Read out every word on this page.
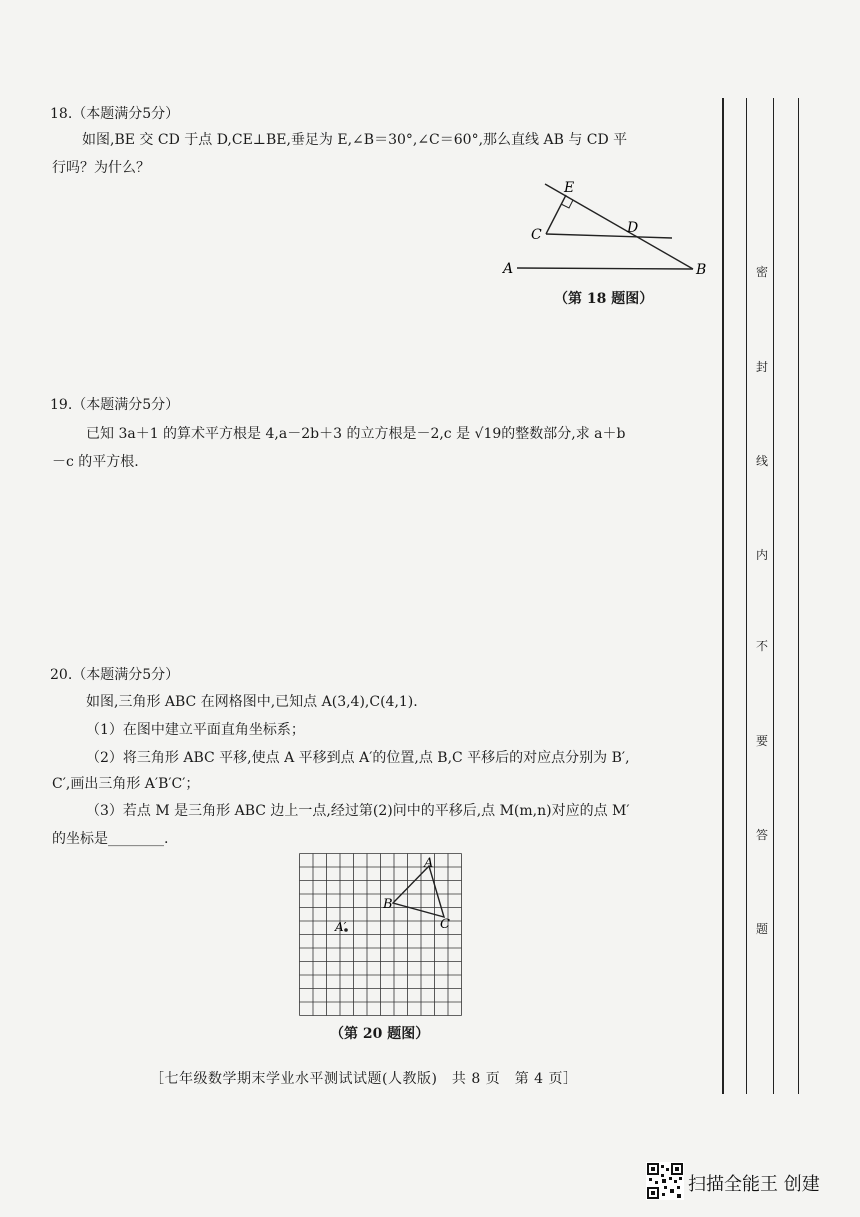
18.（本题满分5分）
如图,BE 交 CD 于点 D,CE⊥BE,垂足为 E,∠B＝30°,∠C＝60°,那么直线 AB 与 CD 平
行吗？为什么？
E
C	D
A	B
（第 18 题图）
19.（本题满分5分）
已知 3a＋1 的算术平方根是 4,a－2b＋3 的立方根是－2,c 是 √19的整数部分,求 a＋b
－c 的平方根.
20.（本题满分5分）
如图,三角形 ABC 在网格图中,已知点 A(3,4),C(4,1).
（1）在图中建立平面直角坐标系；
（2）将三角形 ABC 平移,使点 A 平移到点 A′的位置,点 B,C 平移后的对应点分别为 B′,
C′,画出三角形 A′B′C′；
（3）若点 M 是三角形 ABC 边上一点,经过第(2)问中的平移后,点 M(m,n)对应的点 M′
的坐标是________.
A
B
C
A′
（第 20 题图）
［七年级数学期末学业水平测试试题(人教版)　共 8 页　第 4 页］
密
封
线
内
不
要
答
题
扫描全能王 创建
